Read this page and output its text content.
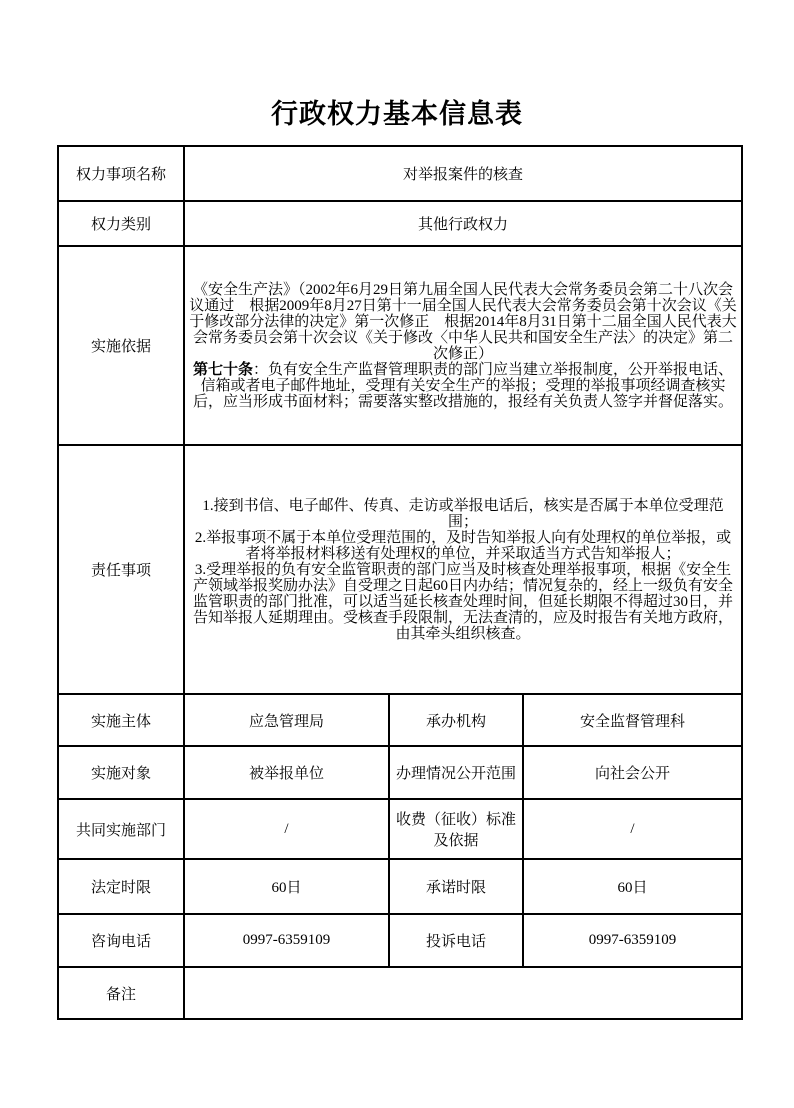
行政权力基本信息表
权力事项名称	对举报案件的核查		
权力类别	其他行政权力		
实施依据	《安全生产法》（2002年6月29日第九届全国人民代表大会常务委员会第二十八次会议通过　根据2009年8月27日第十一届全国人民代表大会常务委员会第十次会议《关于修改部分法律的决定》第一次修正　根据2014年8月31日第十二届全国人民代表大会常务委员会第十次会议《关于修改〈中华人民共和国安全生产法〉的决定》第二次修正）
第七十条：负有安全生产监督管理职责的部门应当建立举报制度，公开举报电话、信箱或者电子邮件地址，受理有关安全生产的举报；受理的举报事项经调查核实后，应当形成书面材料；需要落实整改措施的，报经有关负责人签字并督促落实。		

责任事项	1.接到书信、电子邮件、传真、走访或举报电话后，核实是否属于本单位受理范围；
2.举报事项不属于本单位受理范围的，及时告知举报人向有处理权的单位举报，或者将举报材料移送有处理权的单位，并采取适当方式告知举报人；
3.受理举报的负有安全监管职责的部门应当及时核查处理举报事项，根据《安全生产领域举报奖励办法》自受理之日起60日内办结；情况复杂的，经上一级负有安全监管职责的部门批准，可以适当延长核查处理时间，但延长期限不得超过30日，并告知举报人延期理由。受核查手段限制，无法查清的，应及时报告有关地方政府，由其牵头组织核查。		

实施主体	应急管理局	承办机构	安全监督管理科
实施对象	被举报单位	办理情况公开范围	向社会公开
共同实施部门	/	收费（征收）标准及依据	/
法定时限	60日	承诺时限	60日
咨询电话	0997-6359109	投诉电话	0997-6359109
备注			
